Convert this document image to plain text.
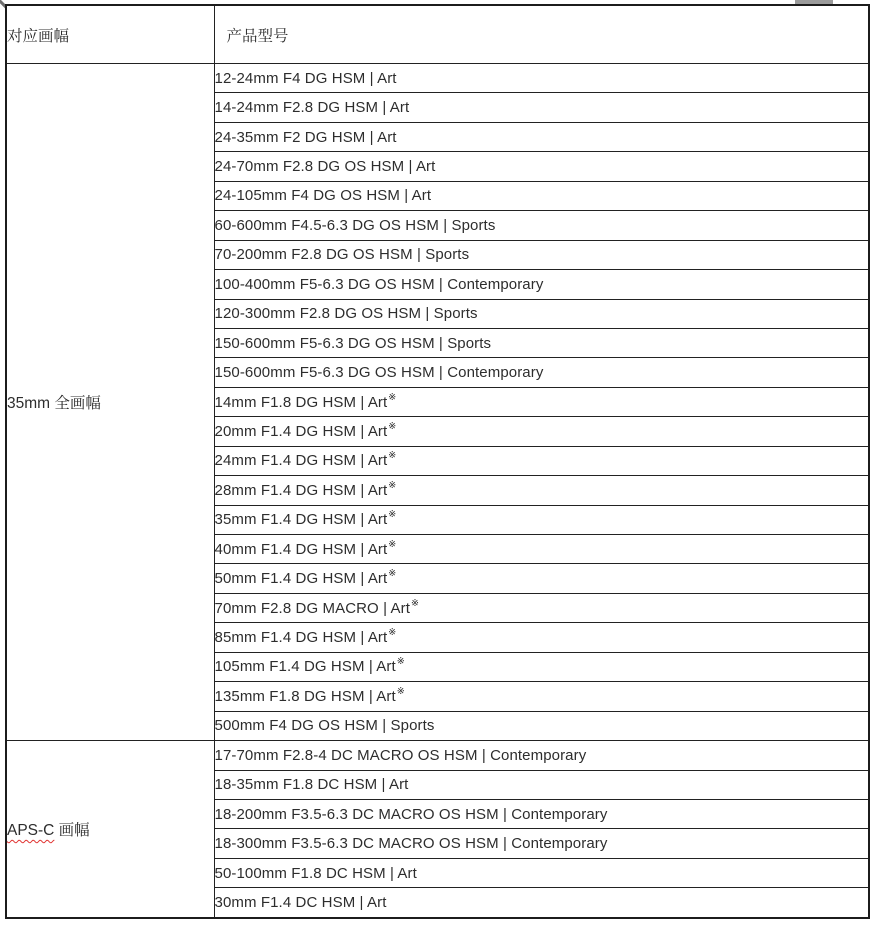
对应画幅	产品型号
35mm 全画幅	12-24mm F4 DG HSM | Art
	14-24mm F2.8 DG HSM | Art
	24-35mm F2 DG HSM | Art
	24-70mm F2.8 DG OS HSM | Art
	24-105mm F4 DG OS HSM | Art
	60-600mm F4.5-6.3 DG OS HSM | Sports
	70-200mm F2.8 DG OS HSM | Sports
	100-400mm F5-6.3 DG OS HSM | Contemporary
	120-300mm F2.8 DG OS HSM | Sports
	150-600mm F5-6.3 DG OS HSM | Sports
	150-600mm F5-6.3 DG OS HSM | Contemporary
	14mm F1.8 DG HSM | Art※
	20mm F1.4 DG HSM | Art※
	24mm F1.4 DG HSM | Art※
	28mm F1.4 DG HSM | Art※
	35mm F1.4 DG HSM | Art※
	40mm F1.4 DG HSM | Art※
	50mm F1.4 DG HSM | Art※
	70mm F2.8 DG MACRO | Art※
	85mm F1.4 DG HSM | Art※
	105mm F1.4 DG HSM | Art※
	135mm F1.8 DG HSM | Art※
	500mm F4 DG OS HSM | Sports
APS-C 画幅	17-70mm F2.8-4 DC MACRO OS HSM | Contemporary
	18-35mm F1.8 DC HSM | Art
	18-200mm F3.5-6.3 DC MACRO OS HSM | Contemporary
	18-300mm F3.5-6.3 DC MACRO OS HSM | Contemporary
	50-100mm F1.8 DC HSM | Art
	30mm F1.4 DC HSM | Art
